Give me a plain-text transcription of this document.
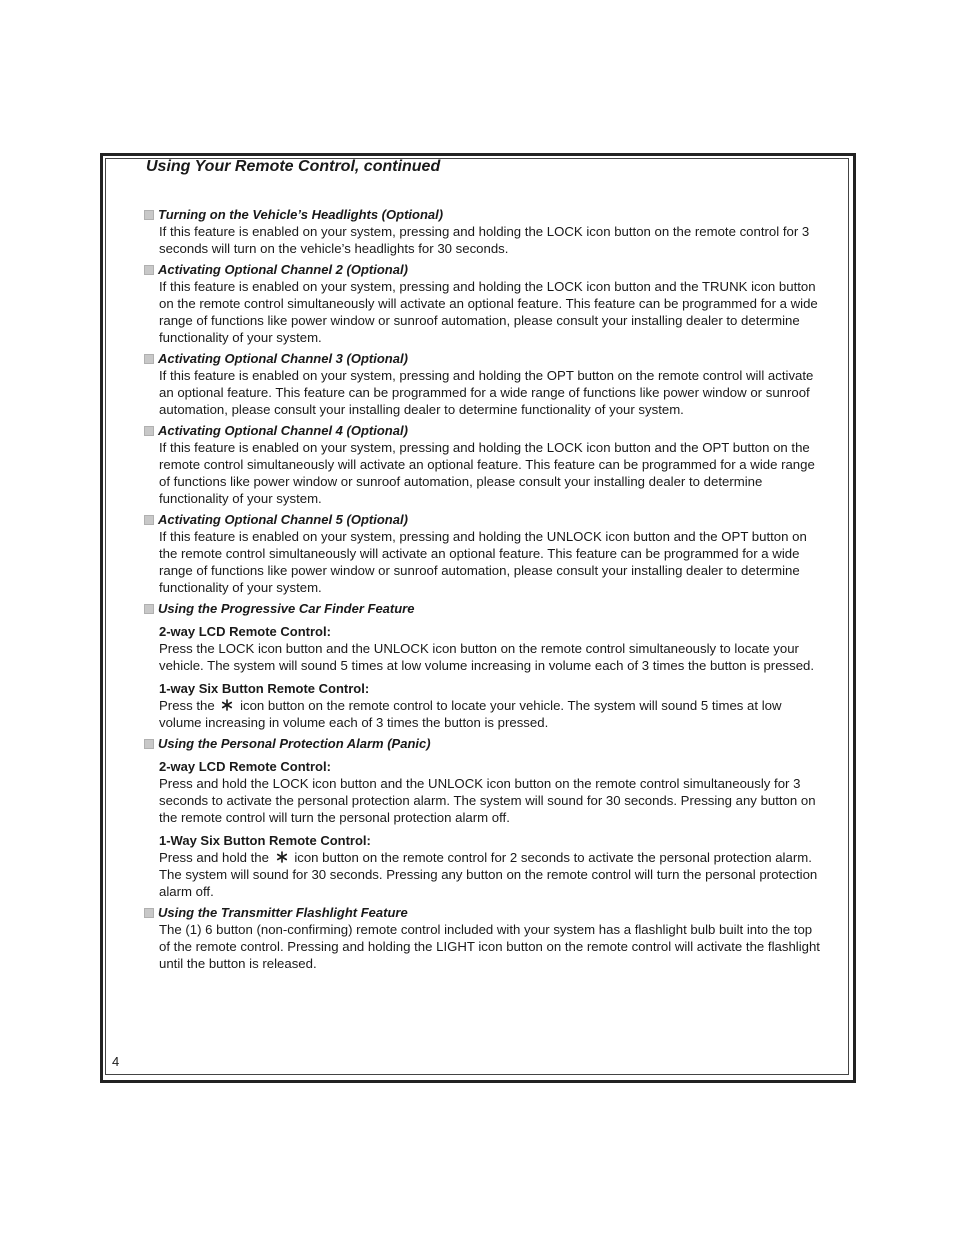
Using Your Remote Control, continued
Turning on the Vehicle’s Headlights (Optional)
If this feature is enabled on your system, pressing and holding the LOCK icon button on the remote control for 3 seconds will turn on the vehicle’s headlights for 30 seconds.
Activating Optional Channel 2 (Optional)
If this feature is enabled on your system, pressing and holding the LOCK icon button and the TRUNK icon button on the remote control simultaneously will activate an optional feature. This feature can be programmed for a wide range of functions like power window or sunroof automation, please consult your installing dealer to determine functionality of your system.
Activating Optional Channel 3 (Optional)
If this feature is enabled on your system, pressing and holding the OPT button on the remote control will activate an optional feature. This feature can be programmed for a wide range of functions like power window or sunroof automation, please consult your installing dealer to determine functionality of your system.
Activating Optional Channel 4 (Optional)
If this feature is enabled on your system, pressing and holding the LOCK icon button and the OPT button on the remote control simultaneously will activate an optional feature. This feature can be programmed for a wide range of functions like power window or sunroof automation, please consult your installing dealer to determine functionality of your system.
Activating Optional Channel 5 (Optional)
If this feature is enabled on your system, pressing and holding the UNLOCK icon button and the OPT button on the remote control simultaneously will activate an optional feature. This feature can be programmed for a wide range of functions like power window or sunroof automation, please consult your installing dealer to determine functionality of your system.
Using the Progressive Car Finder Feature
2-way LCD Remote Control:
Press the LOCK icon button and the UNLOCK icon button on the remote control simultaneously to locate your vehicle. The system will sound 5 times at low volume increasing in volume each of 3 times the button is pressed.
1-way Six Button Remote Control:
Press the icon button on the remote control to locate your vehicle. The system will sound 5 times at low volume increasing in volume each of 3 times the button is pressed.
Using the Personal Protection Alarm (Panic)
2-way LCD Remote Control:
Press and hold the LOCK icon button and the UNLOCK icon button on the remote control simultaneously for 3 seconds to activate the personal protection alarm. The system will sound for 30 seconds. Pressing any button on the remote control will turn the personal protection alarm off.
1-Way Six Button Remote Control:
Press and hold the icon button on the remote control for 2 seconds to activate the personal protection alarm. The system will sound for 30 seconds. Pressing any button on the remote control will turn the personal protection alarm off.
Using the Transmitter Flashlight Feature
The (1) 6 button (non-confirming) remote control included with your system has a flashlight bulb built into the top of the remote control. Pressing and holding the LIGHT icon button on the remote control will activate the flashlight until the button is released.
4
